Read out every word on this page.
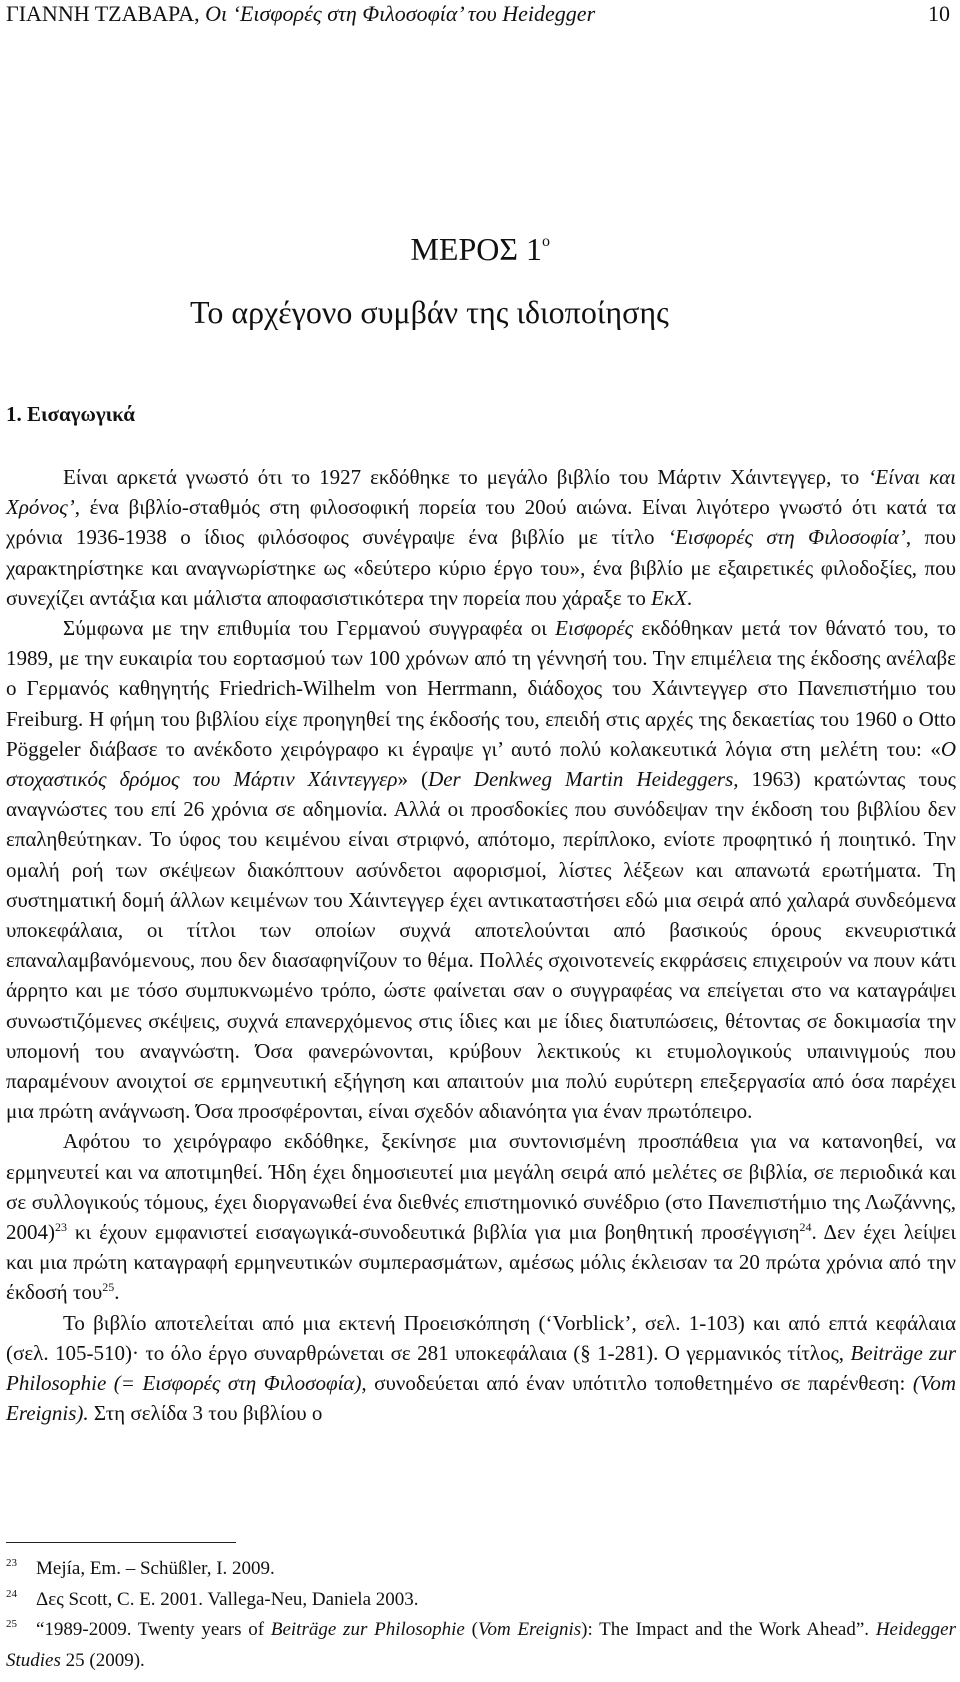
ΓΙΑΝΝΗ ΤΖΑΒΑΡΑ, Οι ‘Εισφορές στη Φιλοσοφία’ του Heidegger	10
ΜΕΡΟΣ $1^o$
Το αρχέγονο συμβάν της ιδιοποίησης
1. Εισαγωγικά

Είναι αρκετά γνωστό ότι το 1927 εκδόθηκε το μεγάλο βιβλίο του Μάρτιν Χάιντεγγερ, το ‘Είναι και Χρόνος’, ένα βιβλίο-σταθμός στη φιλοσοφική πορεία του 20ού αιώνα. Είναι λιγότερο γνωστό ότι κατά τα χρόνια 1936-1938 ο ίδιος φιλόσοφος συνέγραψε ένα βιβλίο με τίτλο ‘Εισφορές στη Φιλοσοφία’, που χαρακτηρίστηκε και αναγνωρίστηκε ως «δεύτερο κύριο έργο του», ένα βιβλίο με εξαιρετικές φιλοδοξίες, που συνεχίζει αντάξια και μάλιστα αποφασιστικότερα την πορεία που χάραξε το ΕκΧ.

Σύμφωνα με την επιθυμία του Γερμανού συγγραφέα οι Εισφορές εκδόθηκαν μετά τον θάνατό του, το 1989, με την ευκαιρία του εορτασμού των 100 χρόνων από τη γέννησή του. Την επιμέλεια της έκδοσης ανέλαβε ο Γερμανός καθηγητής Friedrich-Wilhelm von Herrmann, διάδοχος του Χάιντεγγερ στο Πανεπιστήμιο του Freiburg. Η φήμη του βιβλίου είχε προηγηθεί της έκδοσής του, επειδή στις αρχές της δεκαετίας του 1960 ο Otto Pöggeler διάβασε το ανέκδοτο χειρόγραφο κι έγραψε γι’ αυτό πολύ κολακευτικά λόγια στη μελέτη του: «Ο στοχαστικός δρόμος του Μάρτιν Χάιντεγγερ» (Der Denkweg Martin Heideggers, 1963) κρατώντας τους αναγνώστες του επί 26 χρόνια σε αδημονία. Αλλά οι προσδοκίες που συνόδεψαν την έκδοση του βιβλίου δεν επαληθεύτηκαν. Το ύφος του κειμένου είναι στριφνό, απότομο, περίπλοκο, ενίοτε προφητικό ή ποιητικό. Την ομαλή ροή των σκέψεων διακόπτουν ασύνδετοι αφορισμοί, λίστες λέξεων και απανωτά ερωτήματα. Τη συστηματική δομή άλλων κειμένων του Χάιντεγγερ έχει αντικαταστήσει εδώ μια σειρά από χαλαρά συνδεόμενα υποκεφάλαια, οι τίτλοι των οποίων συχνά αποτελούνται από βασικούς όρους εκνευριστικά επαναλαμβανόμενους, που δεν διασαφηνίζουν το θέμα. Πολλές σχοινοτενείς εκφράσεις επιχειρούν να πουν κάτι άρρητο και με τόσο συμπυκνωμένο τρόπο, ώστε φαίνεται σαν ο συγγραφέας να επείγεται στο να καταγράψει συνωστιζόμενες σκέψεις, συχνά επανερχόμενος στις ίδιες και με ίδιες διατυπώσεις, θέτοντας σε δοκιμασία την υπομονή του αναγνώστη. Όσα φανερώνονται, κρύβουν λεκτικούς κι ετυμολογικούς υπαινιγμούς που παραμένουν ανοιχτοί σε ερμηνευτική εξήγηση και απαιτούν μια πολύ ευρύτερη επεξεργασία από όσα παρέχει μια πρώτη ανάγνωση. Όσα προσφέρονται, είναι σχεδόν αδιανόητα για έναν πρωτόπειρο.

Αφότου το χειρόγραφο εκδόθηκε, ξεκίνησε μια συντονισμένη προσπάθεια για να κατανοηθεί, να ερμηνευτεί και να αποτιμηθεί. Ήδη έχει δημοσιευτεί μια μεγάλη σειρά από μελέτες σε βιβλία, σε περιοδικά και σε συλλογικούς τόμους, έχει διοργανωθεί ένα διεθνές επιστημονικό συνέδριο (στο Πανεπιστήμιο της Λωζάννης, 2004)$^{23}$ κι έχουν εμφανιστεί εισαγωγικά-συνοδευτικά βιβλία για μια βοηθητική προσέγγιση$^{24}$. Δεν έχει λείψει και μια πρώτη καταγραφή ερμηνευτικών συμπερασμάτων, αμέσως μόλις έκλεισαν τα 20 πρώτα χρόνια από την έκδοσή του$^{25}$.

Το βιβλίο αποτελείται από μια εκτενή Προεισκόπηση (‘Vorblick’, σελ. 1-103) και από επτά κεφάλαια (σελ. 105-510)· το όλο έργο συναρθρώνεται σε 281 υποκεφάλαια (§ 1-281). Ο γερμανικός τίτλος, Beiträge zur Philosophie (= Εισφορές στη Φιλοσοφία), συνοδεύεται από έναν υπότιτλο τοποθετημένο σε παρένθεση: (Vom Ereignis). Στη σελίδα 3 του βιβλίου ο

$^{23}$ Mejía, Em. – Schüßler, I. 2009.

$^{24}$ Δες Scott, C. E. 2001. Vallega-Neu, Daniela 2003.

$^{25}$ “1989-2009. Twenty years of Beiträge zur Philosophie (Vom Ereignis): The Impact and the Work Ahead”. Heidegger Studies 25 (2009).
